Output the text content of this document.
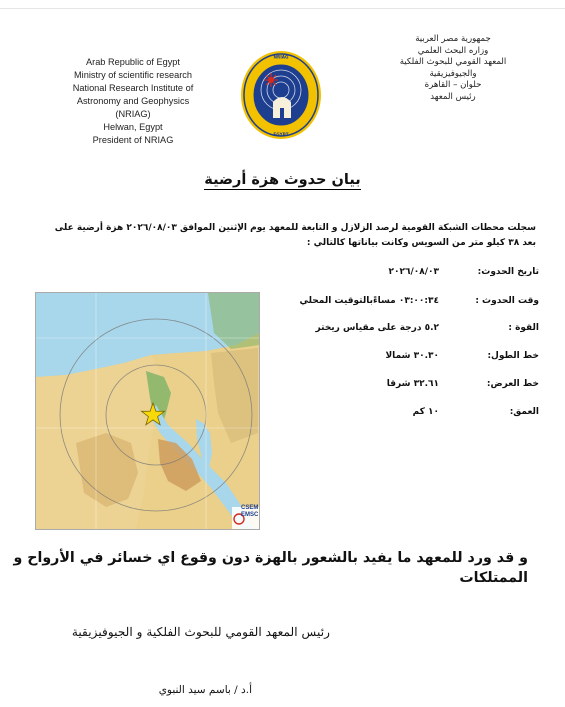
Arab Republic of Egypt
Ministry of scientific research
National Research Institute of
Astronomy and Geophysics
(NRIAG)
Helwan, Egypt
President of NRIAG
NRIAG
EGYPT
جمهورية مصر العربية
وزاره البحث العلمي
المعهد القومي للبحوث الفلكية
والجيوفيزيقية
حلوان – القاهرة
رئيس المعهد
بيان حدوث هزة أرضية
سجلت محطات الشبكة القومية لرصد الزلازل و التابعة للمعهد يوم الإثنين الموافق ٢٠٢٦/٠٨/٠٣ هزة أرضية على
بعد ٣٨ كيلو متر من السويس وكانت بياناتها كالتالي :
تاريخ الحدوث:
٢٠٢٦/٠٨/٠٣
وقت الحدوث :
٠٣:٠٠:٣٤ مساءًبالتوقيت المحلي
القوة :
٥.٢ درجة على مقياس ريختر
خط الطول:
٣٠.٣٠ شمالا
خط العرض:
٣٢.٦١ شرقا
العمق:
١٠ كم
CSEM EMSC
و قد ورد للمعهد ما يفيد بالشعور بالهزة دون وقوع اي خسائر في الأرواح و
الممتلكات
رئيس المعهد القومي للبحوث الفلكية و الجيوفيزيقية
أ.د / باسم سيد النبوي
